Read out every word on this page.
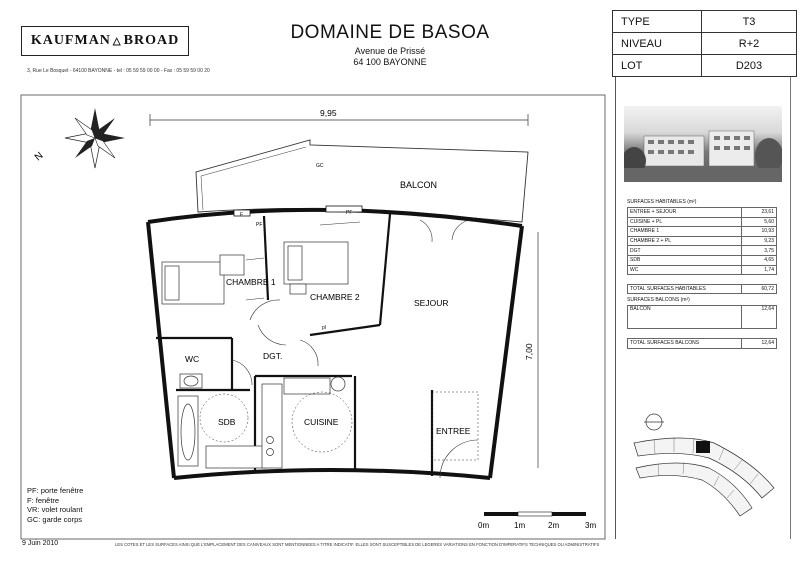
KAUFMAN △ BROAD
3, Rue Le Bosquet - 64100 BAYONNE - tel : 05 59 59 00 00 - Fax : 05 59 59 00 20
DOMAINE DE BASOA
Avenue de Prissé
64 100 BAYONNE
TYPE	T3
NIVEAU	R+2
LOT	D203
SURFACES HABITABLES (m²)
ENTREE + SEJOUR	23,61
CUISINE + PL	5,60
CHAMBRE 1	10,93
CHAMBRE 2 + PL	9,23
DGT	3,75
SDB	4,65
WC	1,74

TOTAL SURFACES HABITABLES	60,72
SURFACES BALCONS (m²)
BALCON	12,64

TOTAL SURFACES BALCONS	12,64
N
9,95
7,00
GC
F	PF
PF
pl
BALCON
CHAMBRE 1
CHAMBRE 2
SEJOUR
WC	DGT.
SDB	CUISINE
ENTREE
0m	1m	2m	3m
PF: porte fenêtre
F: fenêtre
VR: volet roulant
GC: garde corps
9 Juin 2010	LES COTES ET LES SURFACES AINSI QUE L'EMPLACEMENT DES CANIVEAUX SONT MENTIONNEES A TITRE INDICATIF. ELLES SONT SUSCEPTIBLES DE LEGERES VARIATIONS EN FONCTION D'IMPERATIFS TECHNIQUES OU ADMINISTRATIFS
